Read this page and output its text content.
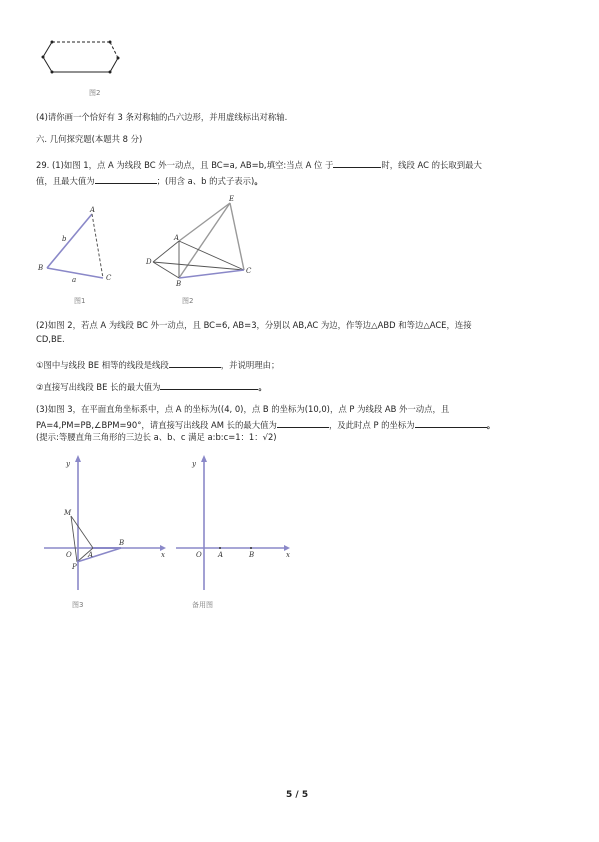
图2
(4)请你画一个恰好有 3 条对称轴的凸六边形，并用虚线标出对称轴.
六. 几何探究题(本题共 8 分)
29. (1)如图 1，点 A 为线段 BC 外一动点，且 BC=a, AB=b,填空:当点 A 位 于	时，线段 AC 的长取到最大
值，且最大值为	；(用含 a、b 的式子表示)。
A
B
C
b
a
图1
E
A
D
B
C
图2
(2)如图 2，若点 A 为线段 BC 外一动点，且 BC=6, AB=3，分别以 AB,AC 为边，作等边△ABD 和等边△ACE，连接
CD,BE.
①图中与线段 BE 相等的线段是线段	，并说明理由；
②直接写出线段 BE 长的最大值为	。
(3)如图 3，在平面直角坐标系中，点 A 的坐标为((4, 0)，点 B 的坐标为(10,0)，点 P 为线段 AB 外一动点，且
PA=4,PM=PB,∠BPM=90°，请直接写出线段 AM 长的最大值为	，及此时点 P 的坐标为	。
(提示:等腰直角三角形的三边长 a、b、c 满足 a:b:c=1：1：√2)
y
x
O A
B
M
P
图3
y
x
O A	B
备用图
5 / 5
